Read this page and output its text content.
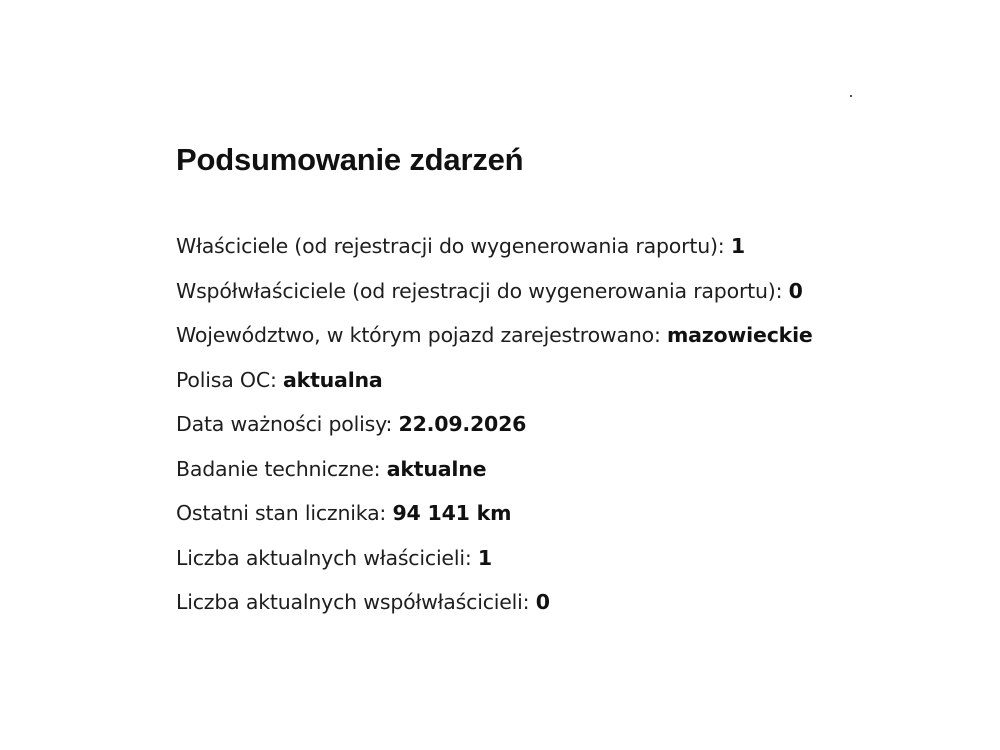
Podsumowanie zdarzeń
Właściciele (od rejestracji do wygenerowania raportu): 1
Współwłaściciele (od rejestracji do wygenerowania raportu): 0
Województwo, w którym pojazd zarejestrowano: mazowieckie
Polisa OC: aktualna
Data ważności polisy: 22.09.2026
Badanie techniczne: aktualne
Ostatni stan licznika: 94 141 km
Liczba aktualnych właścicieli: 1
Liczba aktualnych współwłaścicieli: 0
